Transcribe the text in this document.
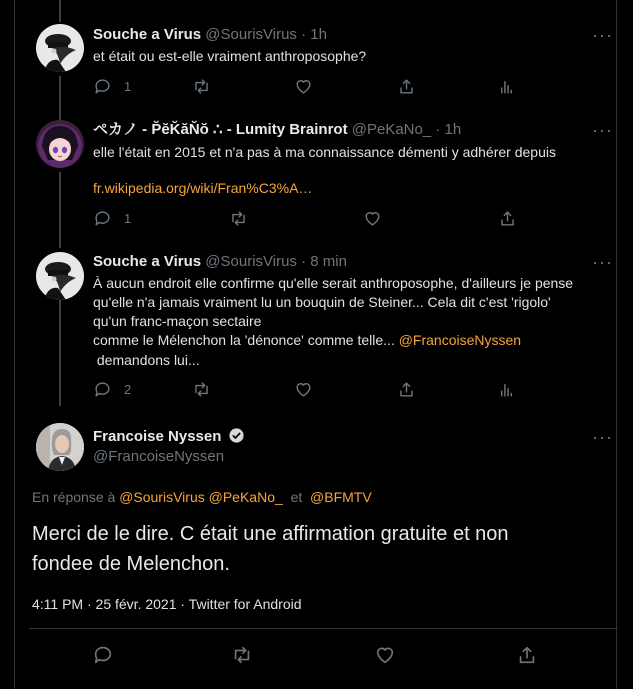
Souche a Virus @SourisVirus · 1h	···
et était ou est-elle vraiment anthroposophe?
1
ペカノ - P̆ĕK̆ăN̆ŏ ∴ - Lumity Brainrot @PeKaNo_ · 1h	···
elle l'était en 2015 et n'a pas à ma connaissance démenti y adhérer depuis
fr.wikipedia.org/wiki/Fran%C3%A…
1
Souche a Virus @SourisVirus · 8 min	···
À aucun endroit elle confirme qu'elle serait anthroposophe, d'ailleurs je pense
qu'elle n'a jamais vraiment lu un bouquin de Steiner... Cela dit c'est 'rigolo'
qu'un franc-maçon sectaire
comme le Mélenchon la 'dénonce' comme telle... @FrancoiseNyssen
demandons lui...
2
Francoise Nyssen
@FrancoiseNyssen
···
En réponse à @SourisVirus @PeKaNo_ et @BFMTV
Merci de le dire. C était une affirmation gratuite et non
fondee de Melenchon.
4:11 PM · 25 févr. 2021 · Twitter for Android
